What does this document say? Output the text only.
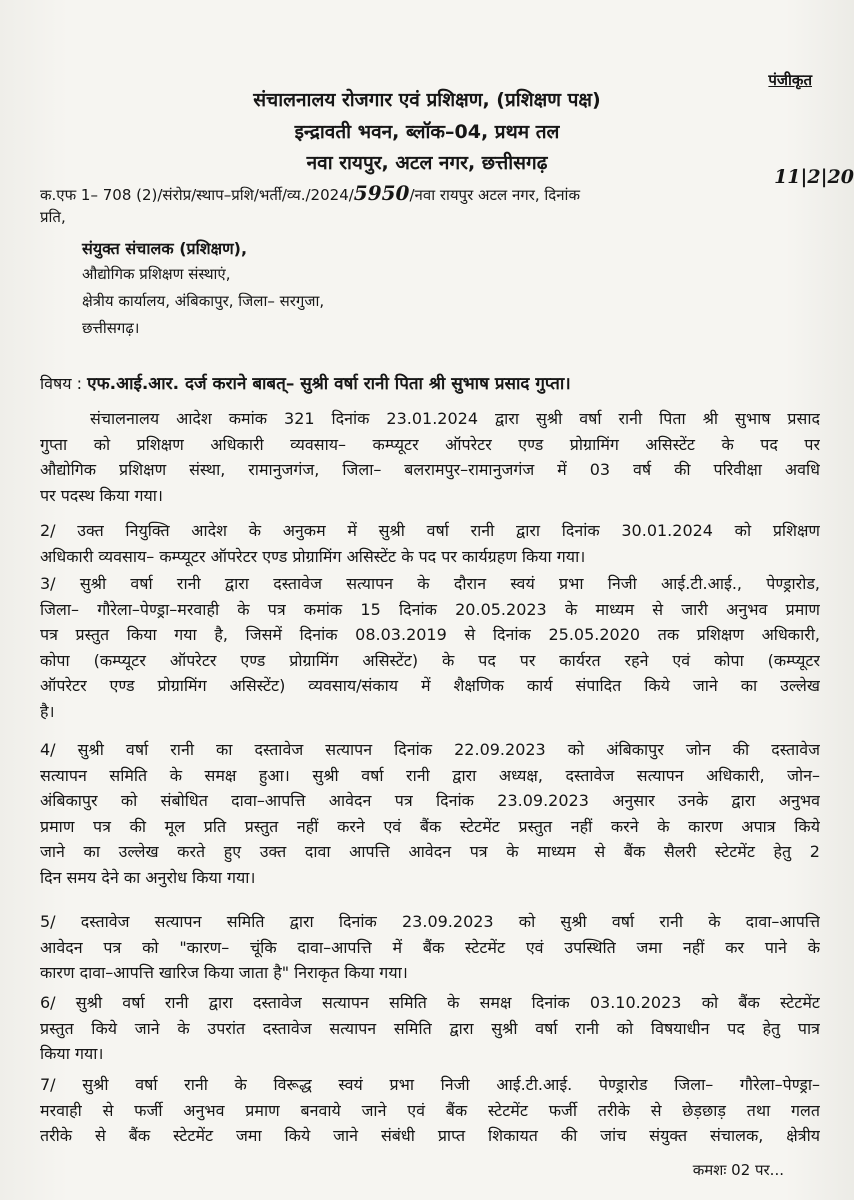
पंजीकृत
संचालनालय रोजगार एवं प्रशिक्षण, (प्रशिक्षण पक्ष)
इन्द्रावती भवन, ब्लॉक–04, प्रथम तल
नवा रायपुर, अटल नगर, छत्तीसगढ़
क.एफ 1– 708 (2)/संरोप्र/स्थाप–प्रशि/भर्ती/व्य./2024/5950/नवा रायपुर अटल नगर, दिनांक
11|2|20
प्रति,
संयुक्त संचालक (प्रशिक्षण),
औद्योगिक प्रशिक्षण संस्थाएं,
क्षेत्रीय कार्यालय, अंबिकापुर, जिला– सरगुजा,
छत्तीसगढ़।
विषय : एफ.आई.आर. दर्ज कराने बाबत्– सुश्री वर्षा रानी पिता श्री सुभाष प्रसाद गुप्ता।
संचालनालय आदेश कमांक 321 दिनांक 23.01.2024 द्वारा सुश्री वर्षा रानी पिता श्री सुभाष प्रसाद
गुप्ता को प्रशिक्षण अधिकारी व्यवसाय– कम्प्यूटर ऑपरेटर एण्ड प्रोग्रामिंग असिस्टेंट के पद पर
औद्योगिक प्रशिक्षण संस्था, रामानुजगंज, जिला– बलरामपुर–रामानुजगंज में 03 वर्ष की परिवीक्षा अवधि
पर पदस्थ किया गया।
2/ उक्त नियुक्ति आदेश के अनुकम में सुश्री वर्षा रानी द्वारा दिनांक 30.01.2024 को प्रशिक्षण
अधिकारी व्यवसाय– कम्प्यूटर ऑपरेटर एण्ड प्रोग्रामिंग असिस्टेंट के पद पर कार्यग्रहण किया गया।
3/ सुश्री वर्षा रानी द्वारा दस्तावेज सत्यापन के दौरान स्वयं प्रभा निजी आई.टी.आई., पेण्ड्रारोड,
जिला– गौरेला–पेण्ड्रा–मरवाही के पत्र कमांक 15 दिनांक 20.05.2023 के माध्यम से जारी अनुभव प्रमाण
पत्र प्रस्तुत किया गया है, जिसमें दिनांक 08.03.2019 से दिनांक 25.05.2020 तक प्रशिक्षण अधिकारी,
कोपा (कम्प्यूटर ऑपरेटर एण्ड प्रोग्रामिंग असिस्टेंट) के पद पर कार्यरत रहने एवं कोपा (कम्प्यूटर
ऑपरेटर एण्ड प्रोग्रामिंग असिस्टेंट) व्यवसाय/संकाय में शैक्षणिक कार्य संपादित किये जाने का उल्लेख
है।
4/ सुश्री वर्षा रानी का दस्तावेज सत्यापन दिनांक 22.09.2023 को अंबिकापुर जोन की दस्तावेज
सत्यापन समिति के समक्ष हुआ। सुश्री वर्षा रानी द्वारा अध्यक्ष, दस्तावेज सत्यापन अधिकारी, जोन–
अंबिकापुर को संबोधित दावा–आपत्ति आवेदन पत्र दिनांक 23.09.2023 अनुसार उनके द्वारा अनुभव
प्रमाण पत्र की मूल प्रति प्रस्तुत नहीं करने एवं बैंक स्टेटमेंट प्रस्तुत नहीं करने के कारण अपात्र किये
जाने का उल्लेख करते हुए उक्त दावा आपत्ति आवेदन पत्र के माध्यम से बैंक सैलरी स्टेटमेंट हेतु 2
दिन समय देने का अनुरोध किया गया।
5/ दस्तावेज सत्यापन समिति द्वारा दिनांक 23.09.2023 को सुश्री वर्षा रानी के दावा–आपत्ति
आवेदन पत्र को "कारण– चूंकि दावा–आपत्ति में बैंक स्टेटमेंट एवं उपस्थिति जमा नहीं कर पाने के
कारण दावा–आपत्ति खारिज किया जाता है" निराकृत किया गया।
6/ सुश्री वर्षा रानी द्वारा दस्तावेज सत्यापन समिति के समक्ष दिनांक 03.10.2023 को बैंक स्टेटमेंट
प्रस्तुत किये जाने के उपरांत दस्तावेज सत्यापन समिति द्वारा सुश्री वर्षा रानी को विषयाधीन पद हेतु पात्र
किया गया।
7/ सुश्री वर्षा रानी के विरूद्ध स्वयं प्रभा निजी आई.टी.आई. पेण्ड्रारोड जिला– गौरेला–पेण्ड्रा–
मरवाही से फर्जी अनुभव प्रमाण बनवाये जाने एवं बैंक स्टेटमेंट फर्जी तरीके से छेड़छाड़ तथा गलत
तरीके से बैंक स्टेटमेंट जमा किये जाने संबंधी प्राप्त शिकायत की जांच संयुक्त संचालक, क्षेत्रीय
कमशः 02 पर...
